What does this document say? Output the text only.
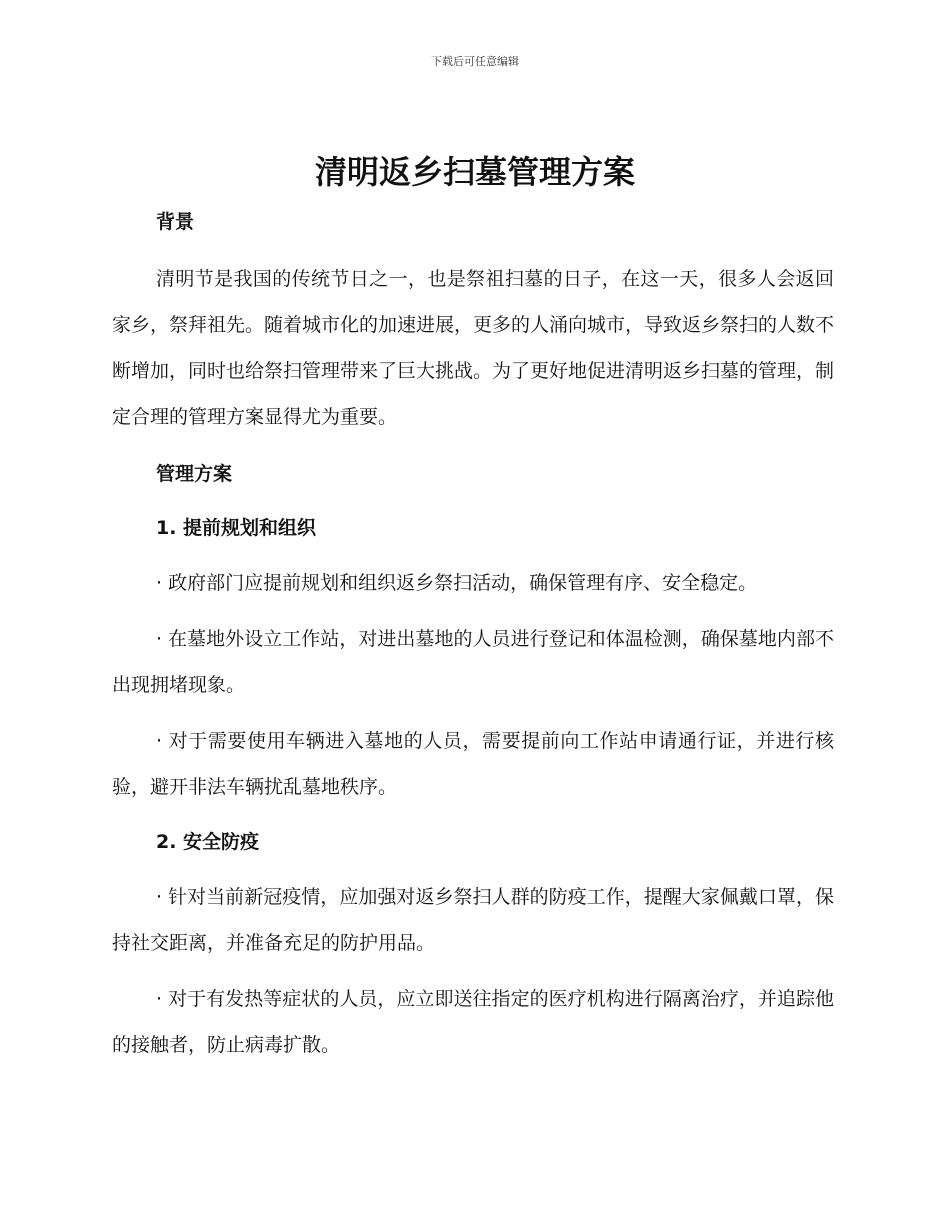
下载后可任意编辑
清明返乡扫墓管理方案

背景

清明节是我国的传统节日之一，也是祭祖扫墓的日子，在这一天，很多人会返回家乡，祭拜祖先。随着城市化的加速进展，更多的人涌向城市，导致返乡祭扫的人数不断增加，同时也给祭扫管理带来了巨大挑战。为了更好地促进清明返乡扫墓的管理，制定合理的管理方案显得尤为重要。

管理方案

1. 提前规划和组织

· 政府部门应提前规划和组织返乡祭扫活动，确保管理有序、安全稳定。

· 在墓地外设立工作站，对进出墓地的人员进行登记和体温检测，确保墓地内部不出现拥堵现象。

· 对于需要使用车辆进入墓地的人员，需要提前向工作站申请通行证，并进行核验，避开非法车辆扰乱墓地秩序。

2. 安全防疫

· 针对当前新冠疫情，应加强对返乡祭扫人群的防疫工作，提醒大家佩戴口罩，保持社交距离，并准备充足的防护用品。

· 对于有发热等症状的人员，应立即送往指定的医疗机构进行隔离治疗，并追踪他的接触者，防止病毒扩散。
